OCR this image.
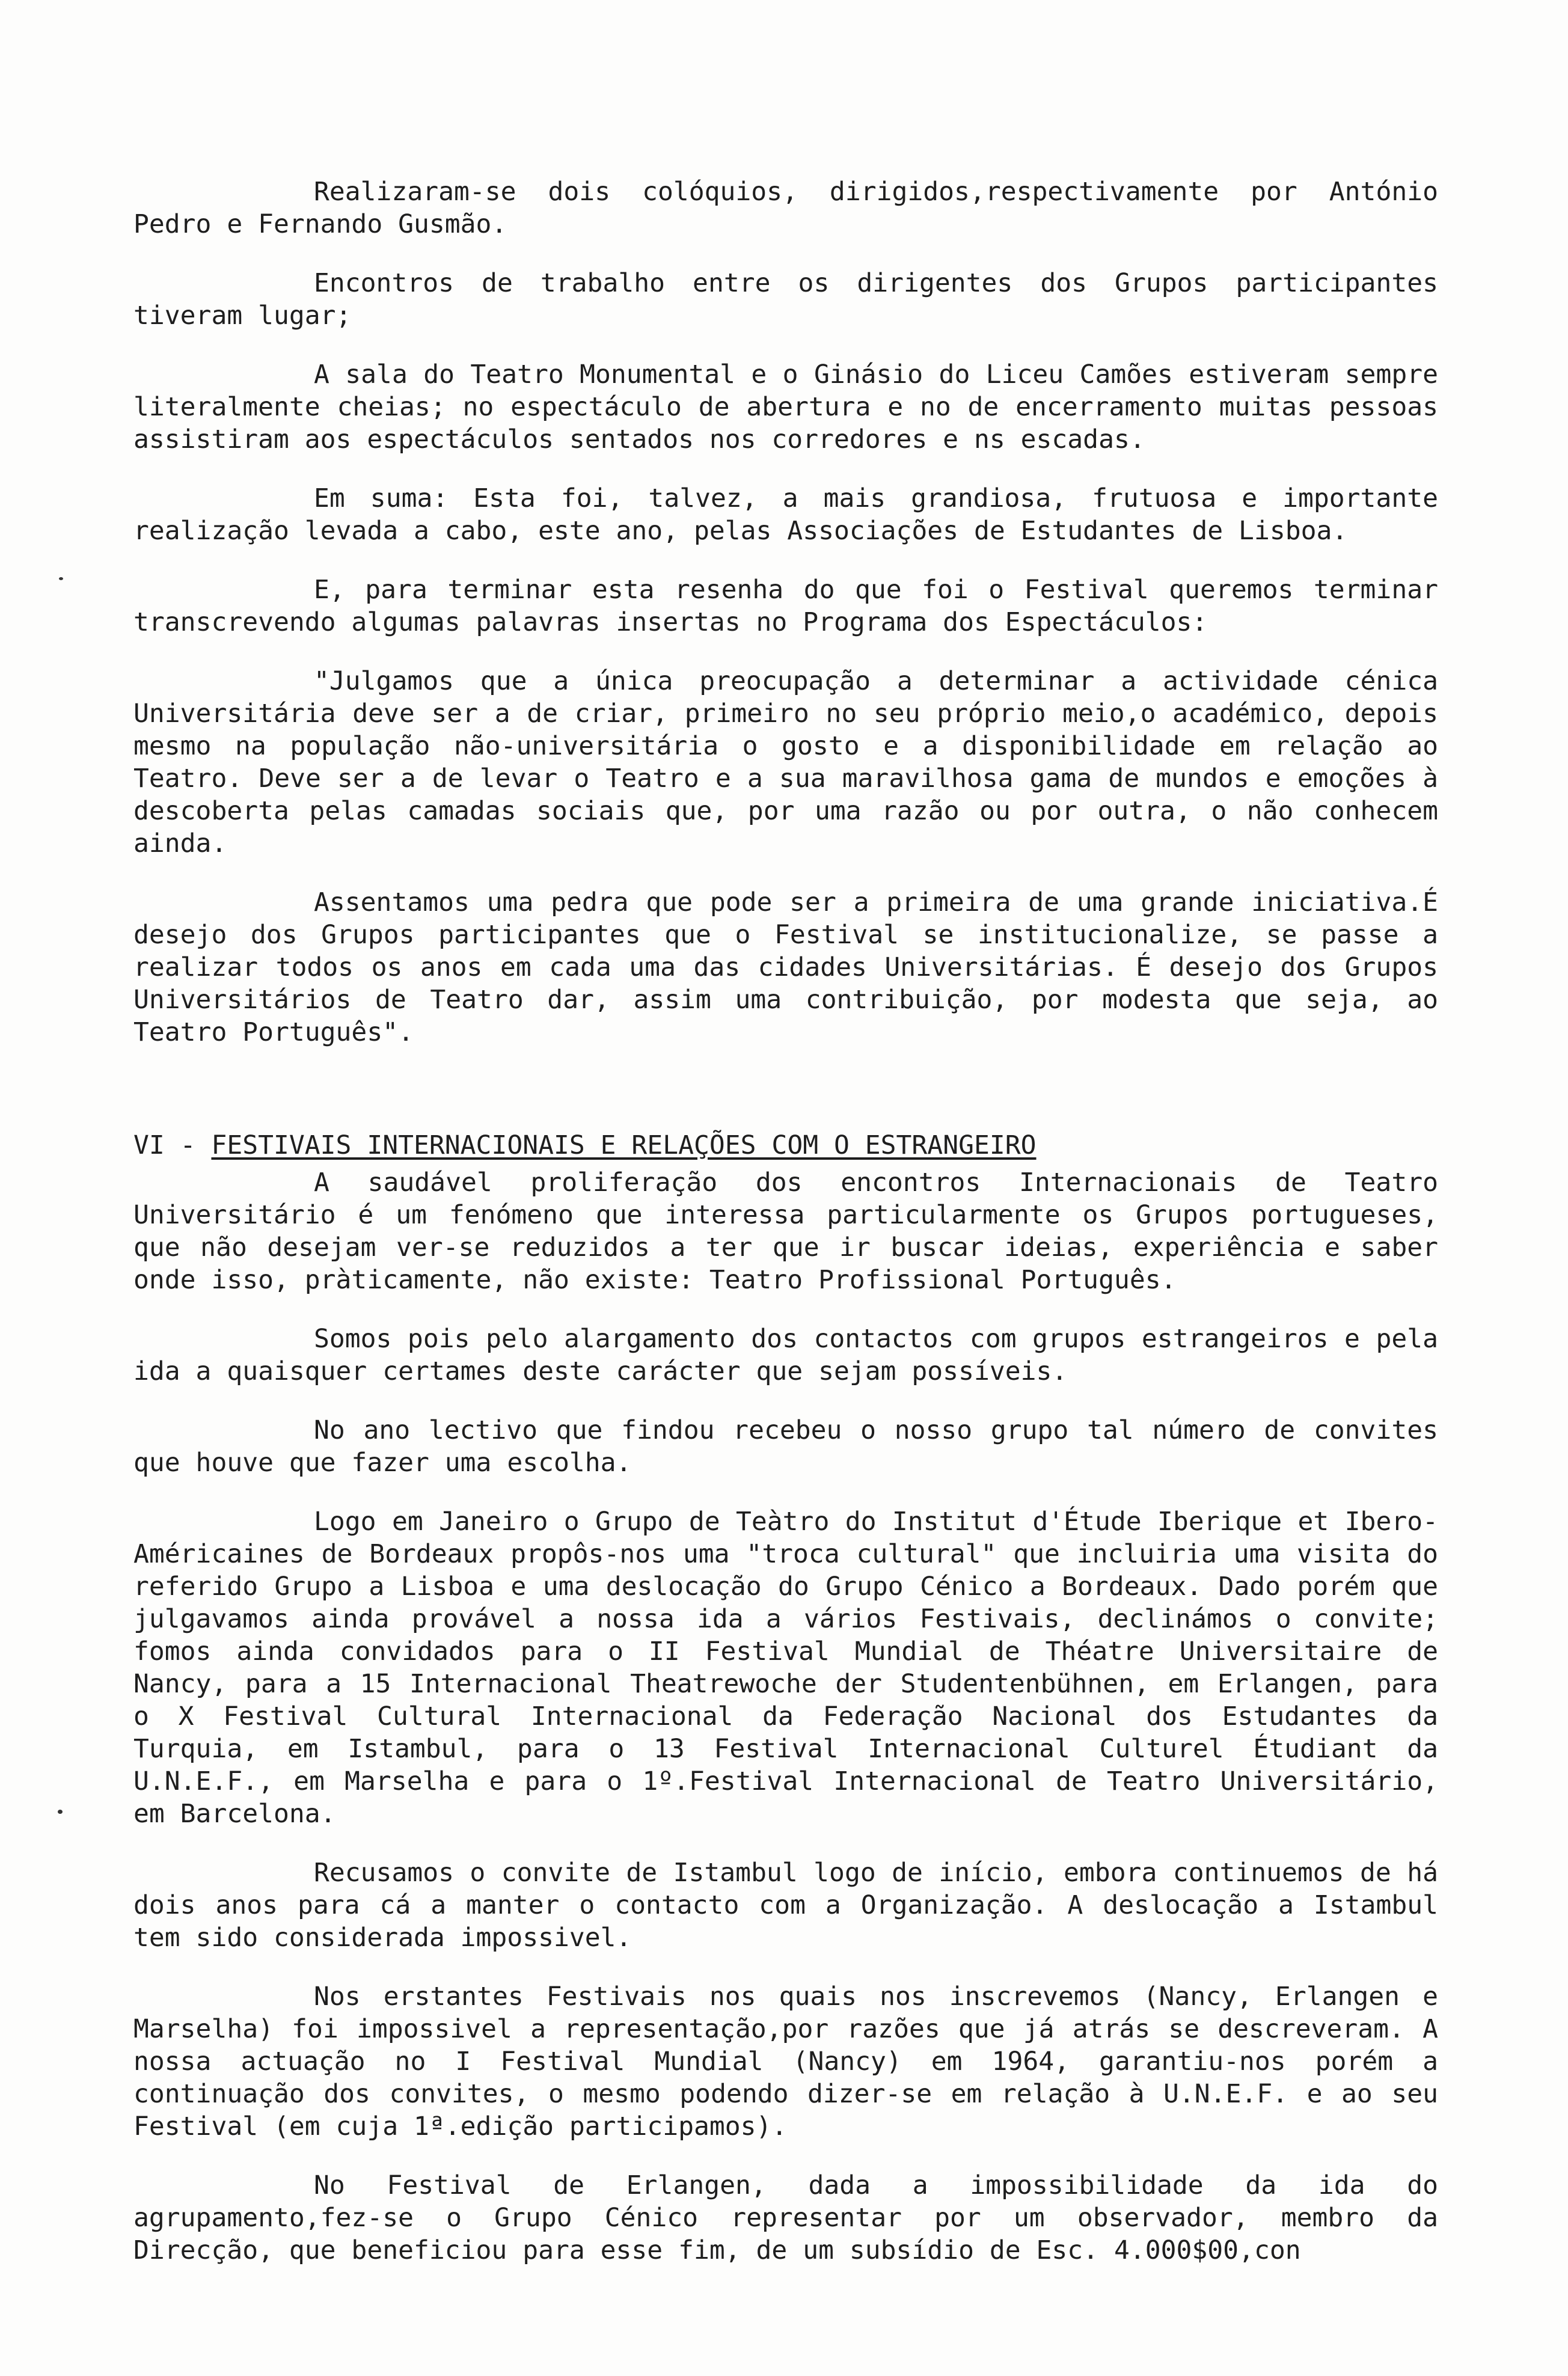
Realizaram-se dois colóquios, dirigidos,respectivamente por António Pedro e Fernando Gusmão.

Encontros de trabalho entre os dirigentes dos Grupos participantes tiveram lugar;

A sala do Teatro Monumental e o Ginásio do Liceu Camões estiveram sempre literalmente cheias; no espectáculo de abertura e no de encerramento muitas pessoas assistiram aos espectáculos sentados nos corredores e ns escadas.

Em suma: Esta foi, talvez, a mais grandiosa, frutuosa e importante realização levada a cabo, este ano, pelas Associações de Estudantes de Lisboa.

E, para terminar esta resenha do que foi o Festival queremos terminar transcrevendo algumas palavras insertas no Programa dos Espectáculos:

"Julgamos que a única preocupação a determinar a actividade cénica Universitária deve ser a de criar, primeiro no seu próprio meio,o académico, depois mesmo na população não-universitária o gosto e a disponibilidade em relação ao Teatro. Deve ser a de levar o Teatro e a sua maravilhosa gama de mundos e emoções à descoberta pelas camadas sociais que, por uma razão ou por outra, o não conhecem ainda.

Assentamos uma pedra que pode ser a primeira de uma grande iniciativa.É desejo dos Grupos participantes que o Festival se institucionalize, se passe a realizar todos os anos em cada uma das cidades Universitárias. É desejo dos Grupos Universitários de Teatro dar, assim uma contribuição, por modesta que seja, ao Teatro Português".

VI - FESTIVAIS INTERNACIONAIS E RELAÇÕES COM O ESTRANGEIRO

A saudável proliferação dos encontros Internacionais de Teatro Universitário é um fenómeno que interessa particularmente os Grupos portugueses, que não desejam ver-se reduzidos a ter que ir buscar ideias, experiência e saber onde isso, pràticamente, não existe: Teatro Profissional Português.

Somos pois pelo alargamento dos contactos com grupos estrangeiros e pela ida a quaisquer certames deste carácter que sejam possíveis.

No ano lectivo que findou recebeu o nosso grupo tal número de convites que houve que fazer uma escolha.

Logo em Janeiro o Grupo de Teàtro do Institut d'Étude Iberique et Ibero-Américaines de Bordeaux propôs-nos uma "troca cultural" que incluiria uma visita do referido Grupo a Lisboa e uma deslocação do Grupo Cénico a Bordeaux. Dado porém que julgavamos ainda provável a nossa ida a vários Festivais, declinámos o convite; fomos ainda convidados para o II Festival Mundial de Théatre Universitaire de Nancy, para a 15 Internacional Theatrewoche der Studentenbühnen, em Erlangen, para o X Festival Cultural Internacional da Federação Nacional dos Estudantes da Turquia, em Istambul, para o 13 Festival Internacional Culturel Étudiant da U.N.E.F., em Marselha e para o 1º.Festival Internacional de Teatro Universitário, em Barcelona.

Recusamos o convite de Istambul logo de início, embora continuemos de há dois anos para cá a manter o contacto com a Organização. A deslocação a Istambul tem sido considerada impossivel.

Nos erstantes Festivais nos quais nos inscrevemos (Nancy, Erlangen e Marselha) foi impossivel a representação,por razões que já atrás se descreveram. A nossa actuação no I Festival Mundial (Nancy) em 1964, garantiu-nos porém a continuação dos convites, o mesmo podendo dizer-se em relação à U.N.E.F. e ao seu Festival (em cuja 1ª.edição participamos).

No Festival de Erlangen, dada a impossibilidade da ida do agrupamento,fez-se o Grupo Cénico representar por um observador, membro da Direcção, que beneficiou para esse fim, de um subsídio de Esc. 4.000$00,con
